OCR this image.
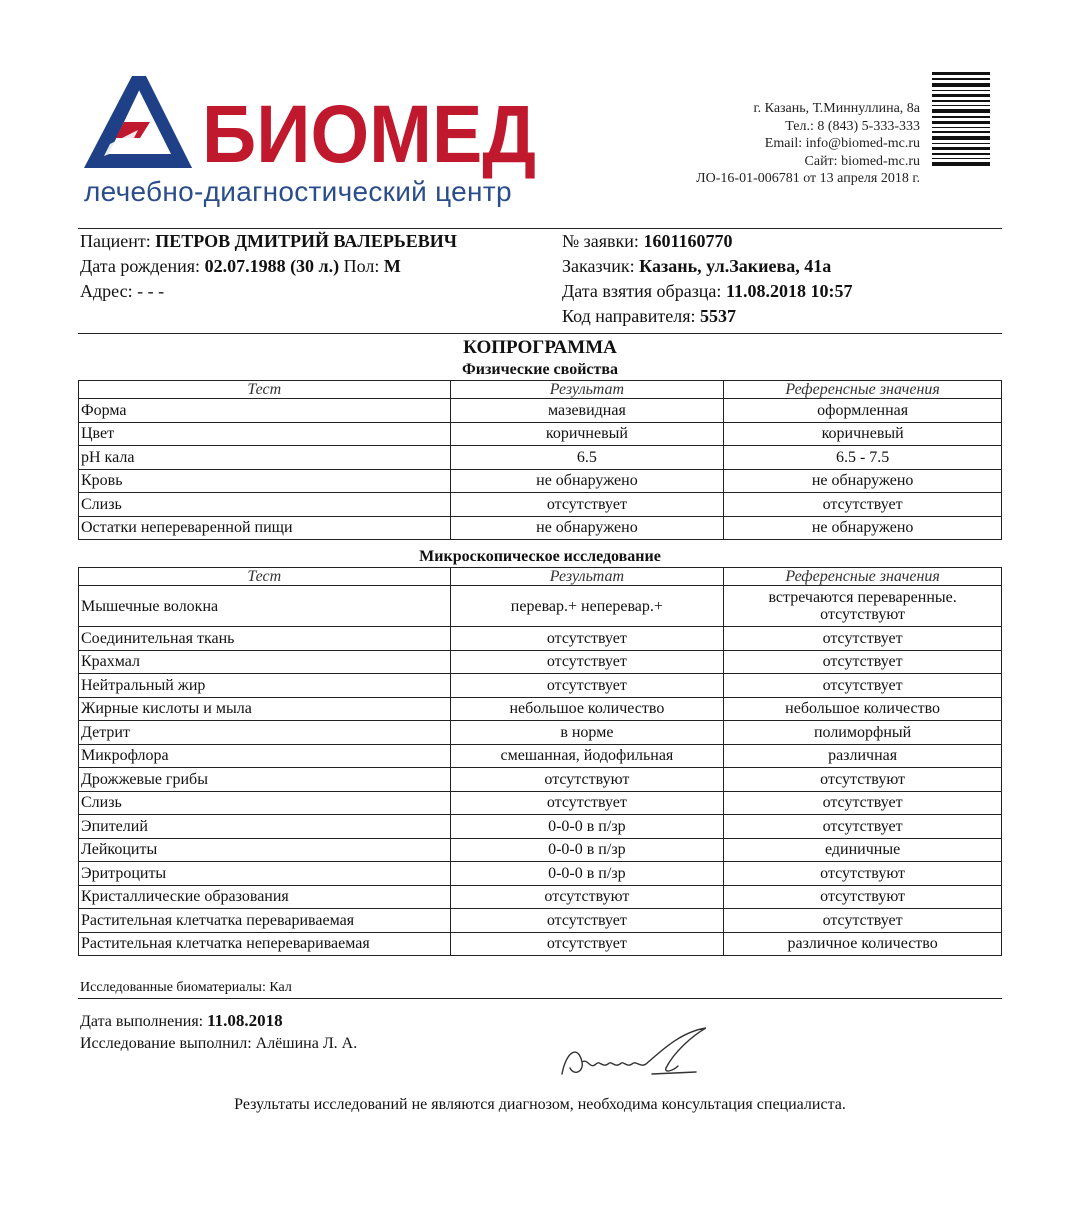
БИОМЕД
лечебно-диагностический центр
г. Казань, Т.Миннуллина, 8а
Тел.: 8 (843) 5-333-333
Email: info@biomed-mc.ru
Сайт: biomed-mc.ru
ЛО-16-01-006781 от 13 апреля 2018 г.
Пациент: ПЕТРОВ ДМИТРИЙ ВАЛЕРЬЕВИЧ
Дата рождения: 02.07.1988 (30 л.) Пол: М
Адрес: - - -
№ заявки: 1601160770
Заказчик: Казань, ул.Закиева, 41а
Дата взятия образца: 11.08.2018 10:57
Код направителя: 5537
КОПРОГРАММА
Физические свойства
Тест	Результат	Референсные значения
Форма	мазевидная	оформленная
Цвет	коричневый	коричневый
pH кала	6.5	6.5 - 7.5
Кровь	не обнаружено	не обнаружено
Слизь	отсутствует	отсутствует
Остатки непереваренной пищи	не обнаружено	не обнаружено
Микроскопическое исследование
Тест	Результат	Референсные значения
Мышечные волокна	перевар.+ неперевар.+	встречаются переваренные. отсутствуют
Соединительная ткань	отсутствует	отсутствует
Крахмал	отсутствует	отсутствует
Нейтральный жир	отсутствует	отсутствует
Жирные кислоты и мыла	небольшое количество	небольшое количество
Детрит	в норме	полиморфный
Микрофлора	смешанная, йодофильная	различная
Дрожжевые грибы	отсутствуют	отсутствуют
Слизь	отсутствует	отсутствует
Эпителий	0-0-0 в п/зр	отсутствует
Лейкоциты	0-0-0 в п/зр	единичные
Эритроциты	0-0-0 в п/зр	отсутствуют
Кристаллические образования	отсутствуют	отсутствуют
Растительная клетчатка перевариваемая	отсутствует	отсутствует
Растительная клетчатка неперевариваемая	отсутствует	различное количество
Исследованные биоматериалы: Кал
Дата выполнения: 11.08.2018
Исследование выполнил: Алёшина Л. А.
Результаты исследований не являются диагнозом, необходима консультация специалиста.
